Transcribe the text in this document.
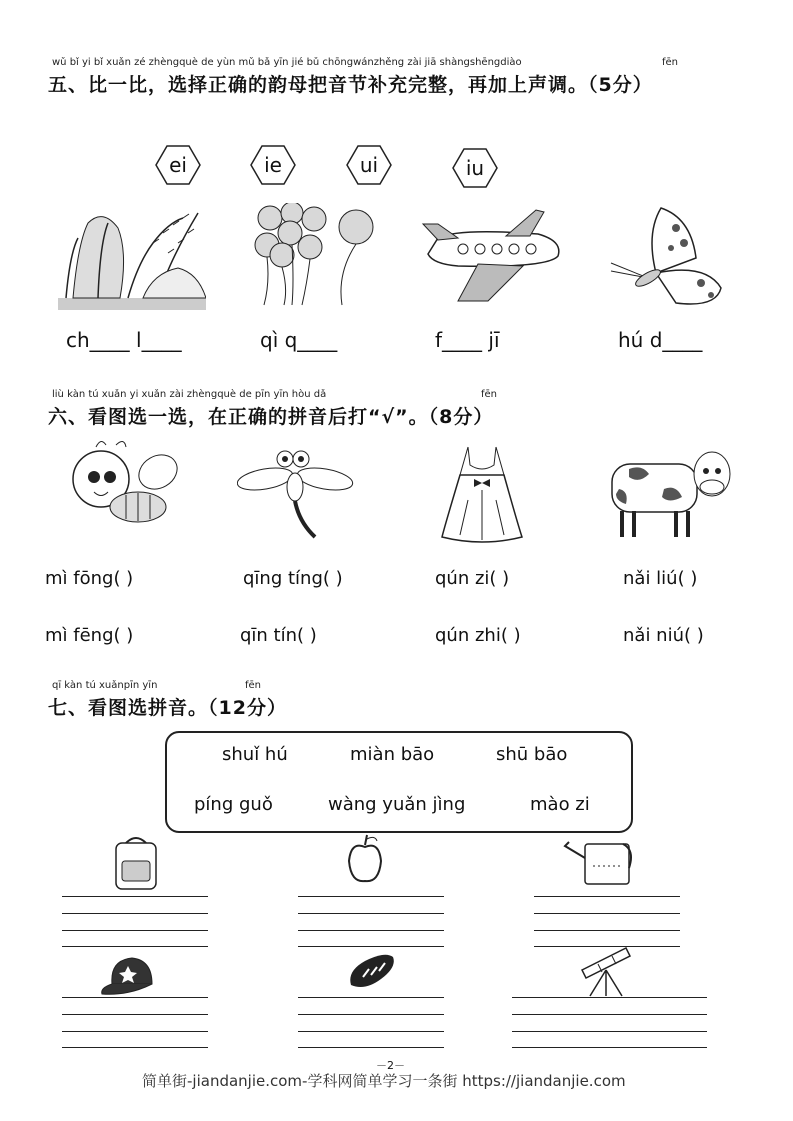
wǔ bǐ yi bǐ xuǎn zé zhèngquè de yùn mǔ bǎ yīn jié bǔ chōngwánzhěng zài jiā shàngshēngdiào	fēn
五、比一比，选择正确的韵母把音节补充完整，再加上声调。（5分）
ei	ie	ui	iu
ch____ l____	qì q____	f____ jī	hú d____
liù kàn tú xuǎn yi xuǎn zài zhèngquè de pīn yīn hòu dǎ	fēn
六、看图选一选，在正确的拼音后打“√”。（8分）
mì fōng( )	qīng tíng( )	qún zi( )	nǎi liú( )
mì fēng( )	qīn tín( )	qún zhi( )	nǎi niú( )
qī kàn tú xuǎnpīn yīn	fēn
七、看图选拼音。（12分）
shuǐ hú	miàn bāo	shū bāo
píng guǒ	wàng yuǎn jìng	mào zi
－2－
简单街-jiandanjie.com-学科网简单学习一条街 https://jiandanjie.com
